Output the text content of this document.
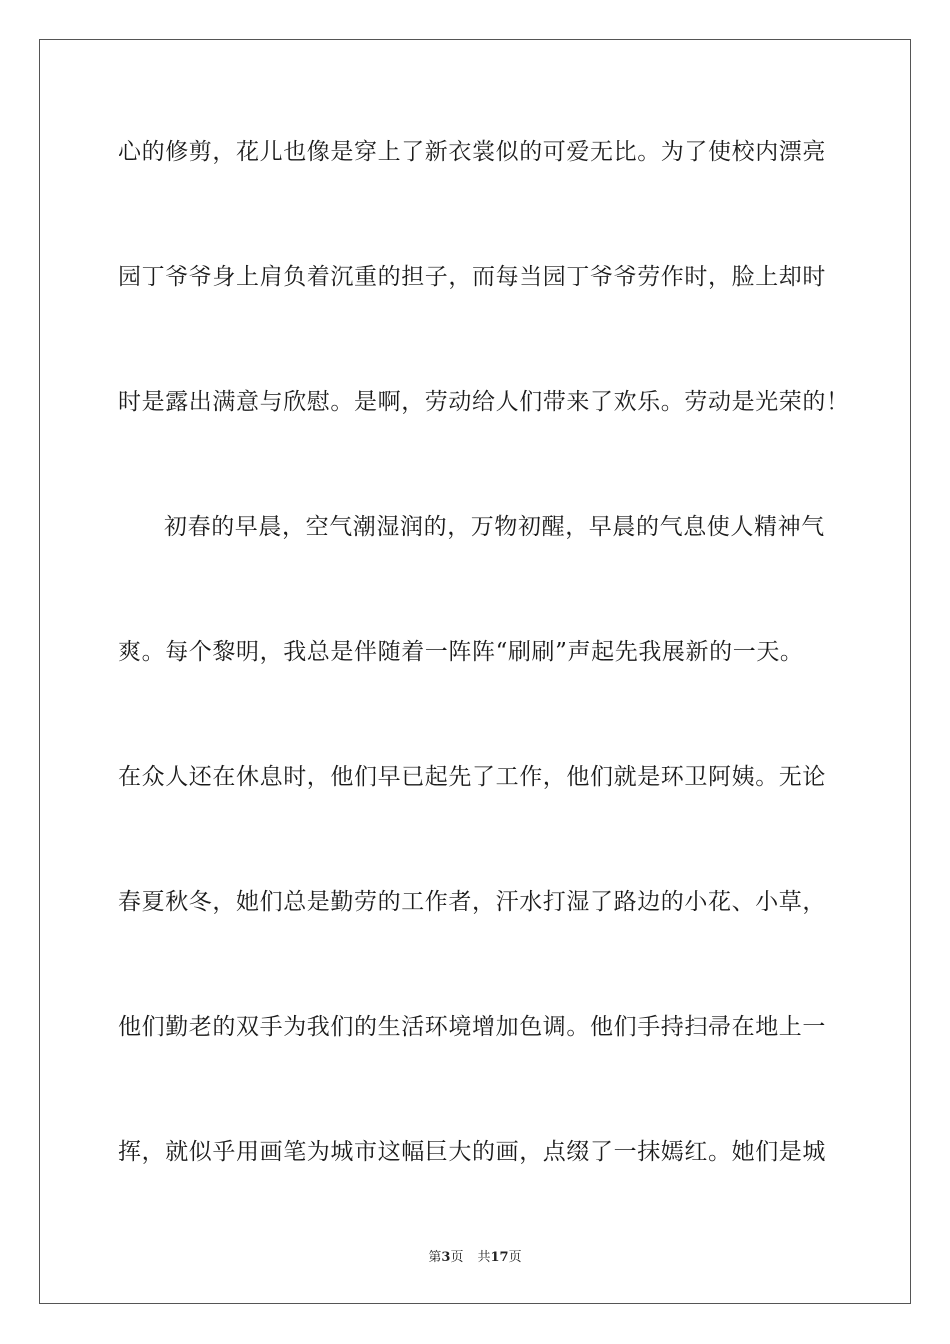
心的修剪，花儿也像是穿上了新衣裳似的可爱无比。为了使校内漂亮

园丁爷爷身上肩负着沉重的担子，而每当园丁爷爷劳作时，脸上却时

时是露出满意与欣慰。是啊，劳动给人们带来了欢乐。劳动是光荣的！

初春的早晨，空气潮湿润的，万物初醒，早晨的气息使人精神气

爽。每个黎明，我总是伴随着一阵阵“刷刷”声起先我展新的一天。

在众人还在休息时，他们早已起先了工作，他们就是环卫阿姨。无论

春夏秋冬，她们总是勤劳的工作者，汗水打湿了路边的小花、小草，

他们勤老的双手为我们的生活环境增加色调。他们手持扫帚在地上一

挥，就似乎用画笔为城市这幅巨大的画，点缀了一抹嫣红。她们是城

第3页 共17页
